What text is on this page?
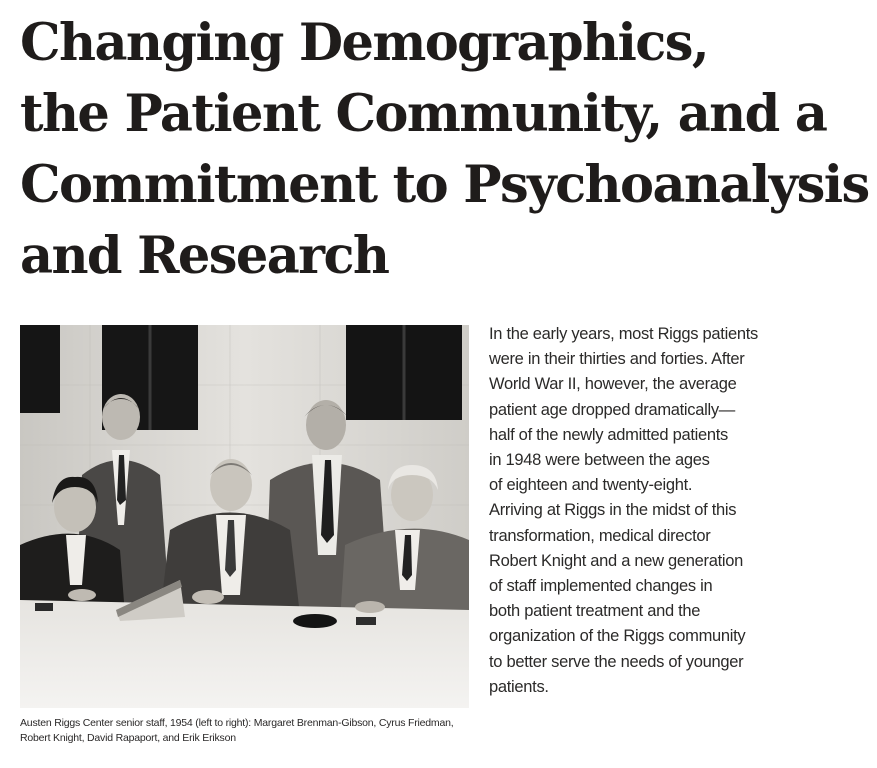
Changing Demographics,
the Patient Community, and a
Commitment to Psychoanalysis
and Research
Austen Riggs Center senior staff, 1954 (left to right): Margaret Brenman-Gibson, Cyrus Friedman, Robert Knight, David Rapaport, and Erik Erikson
In the early years, most Riggs patients
were in their thirties and forties. After
World War II, however, the average
patient age dropped dramatically—
half of the newly admitted patients
in 1948 were between the ages
of eighteen and twenty-eight.
Arriving at Riggs in the midst of this
transformation, medical director
Robert Knight and a new generation
of staff implemented changes in
both patient treatment and the
organization of the Riggs community
to better serve the needs of younger
patients.
